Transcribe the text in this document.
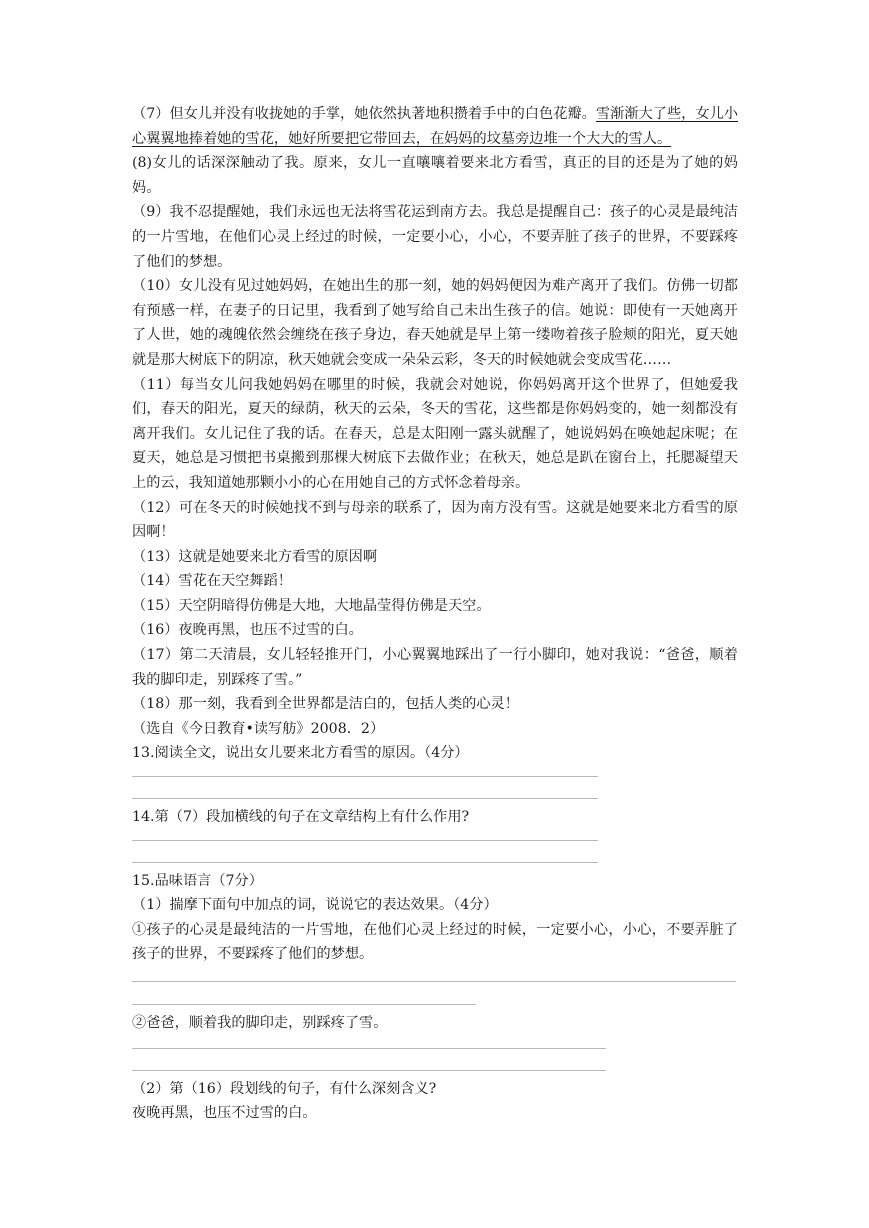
（7）但女儿并没有收拢她的手掌，她依然执著地积攒着手中的白色花瓣。雪渐渐大了些，女儿小心翼翼地捧着她的雪花，她好所要把它带回去，在妈妈的坟墓旁边堆一个大大的雪人。

(8)女儿的话深深触动了我。原来，女儿一直嚷嚷着要来北方看雪，真正的目的还是为了她的妈妈。

（9）我不忍提醒她，我们永远也无法将雪花运到南方去。我总是提醒自己：孩子的心灵是最纯洁的一片雪地，在他们心灵上经过的时候，一定要小心，小心，不要弄脏了孩子的世界，不要踩疼了他们的梦想。

（10）女儿没有见过她妈妈，在她出生的那一刻，她的妈妈便因为难产离开了我们。仿佛一切都有预感一样，在妻子的日记里，我看到了她写给自己未出生孩子的信。她说：即使有一天她离开了人世，她的魂魄依然会缠绕在孩子身边，春天她就是早上第一缕吻着孩子脸颊的阳光，夏天她就是那大树底下的阴凉，秋天她就会变成一朵朵云彩，冬天的时候她就会变成雪花……

（11）每当女儿问我她妈妈在哪里的时候，我就会对她说，你妈妈离开这个世界了，但她爱我们，春天的阳光，夏天的绿荫，秋天的云朵，冬天的雪花，这些都是你妈妈变的，她一刻都没有离开我们。女儿记住了我的话。在春天，总是太阳刚一露头就醒了，她说妈妈在唤她起床呢；在夏天，她总是习惯把书桌搬到那棵大树底下去做作业；在秋天，她总是趴在窗台上，托腮凝望天上的云，我知道她那颗小小的心在用她自己的方式怀念着母亲。

（12）可在冬天的时候她找不到与母亲的联系了，因为南方没有雪。这就是她要来北方看雪的原因啊！

（13）这就是她要来北方看雪的原因啊

（14）雪花在天空舞蹈！

（15）天空阴暗得仿佛是大地，大地晶莹得仿佛是天空。

（16）夜晚再黑，也压不过雪的白。

（17）第二天清晨，女儿轻轻推开门，小心翼翼地踩出了一行小脚印，她对我说：“爸爸，顺着我的脚印走，别踩疼了雪。”

（18）那一刻，我看到全世界都是洁白的，包括人类的心灵！

（选自《今日教育•读写舫》2008．2）

13.阅读全文，说出女儿要来北方看雪的原因。（4分）

14.第（7）段加横线的句子在文章结构上有什么作用?

15.品味语言（7分）

（1）揣摩下面句中加点的词，说说它的表达效果。（4分）

①孩子的心灵是最纯洁的一片雪地，在他们心灵上经过的时候，一定要小心，小心，不要弄脏了孩子的世界，不要踩疼了他们的梦想。

②爸爸，顺着我的脚印走，别踩疼了雪。

（2）第（16）段划线的句子，有什么深刻含义?

夜晚再黑，也压不过雪的白。
